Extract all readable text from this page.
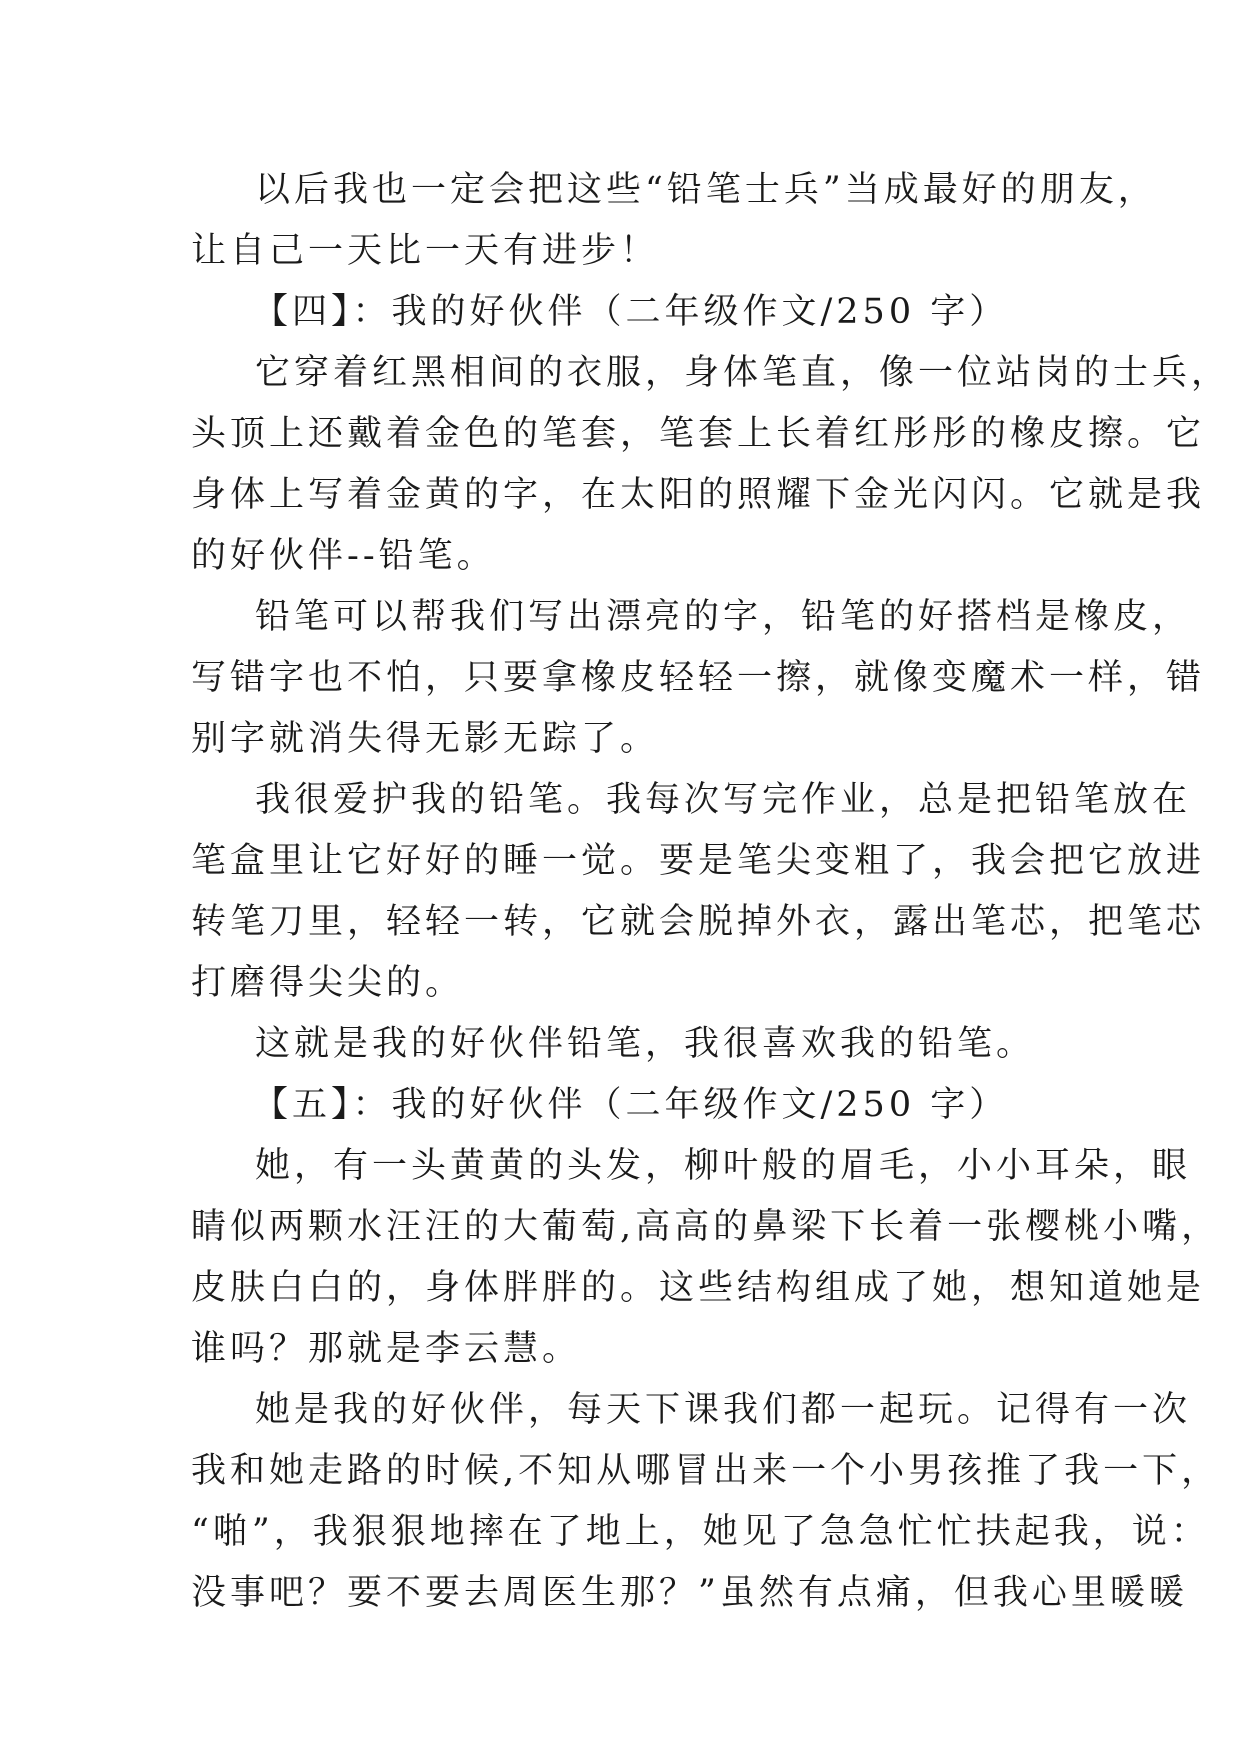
以后我也一定会把这些“铅笔士兵”当成最好的朋友，
让自己一天比一天有进步！
【四】：我的好伙伴（二年级作文/250 字）
它穿着红黑相间的衣服，身体笔直，像一位站岗的士兵，
头顶上还戴着金色的笔套，笔套上长着红彤彤的橡皮擦。它
身体上写着金黄的字，在太阳的照耀下金光闪闪。它就是我
的好伙伴--铅笔。
铅笔可以帮我们写出漂亮的字，铅笔的好搭档是橡皮，
写错字也不怕，只要拿橡皮轻轻一擦，就像变魔术一样，错
别字就消失得无影无踪了。
我很爱护我的铅笔。我每次写完作业，总是把铅笔放在
笔盒里让它好好的睡一觉。要是笔尖变粗了，我会把它放进
转笔刀里，轻轻一转，它就会脱掉外衣，露出笔芯，把笔芯
打磨得尖尖的。
这就是我的好伙伴铅笔，我很喜欢我的铅笔。
【五】：我的好伙伴（二年级作文/250 字）
她，有一头黄黄的头发，柳叶般的眉毛，小小耳朵，眼
睛似两颗水汪汪的大葡萄,高高的鼻梁下长着一张樱桃小嘴，
皮肤白白的，身体胖胖的。这些结构组成了她，想知道她是
谁吗？那就是李云慧。
她是我的好伙伴，每天下课我们都一起玩。记得有一次
我和她走路的时候,不知从哪冒出来一个小男孩推了我一下，
“啪”，我狠狠地摔在了地上，她见了急急忙忙扶起我，说：
没事吧？要不要去周医生那？”虽然有点痛，但我心里暖暖
